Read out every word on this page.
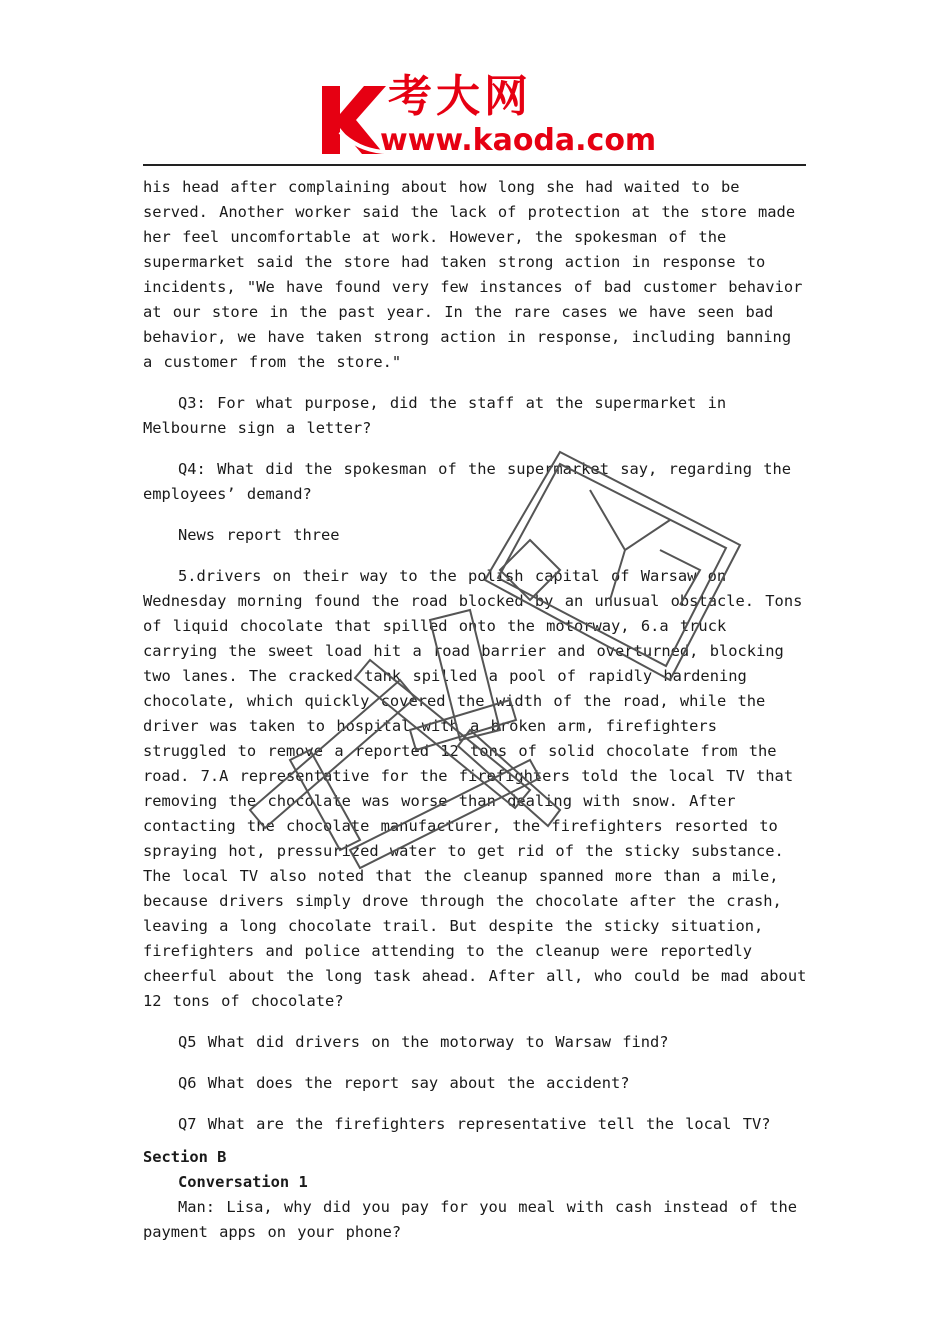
考大网
www.kaoda.com

his head after complaining about how long she had waited to be served. Another worker said the lack of protection at the store made her feel uncomfortable at work. However, the spokesman of the supermarket said the store had taken strong action in response to incidents, "We have found very few instances of bad customer behavior at our store in the past year. In the rare cases we have seen bad behavior, we have taken strong action in response, including banning a customer from the store."

Q3: For what purpose, did the staff at the supermarket in Melbourne sign a letter?

Q4: What did the spokesman of the supermarket say, regarding the employees’ demand?

News report three

5.drivers on their way to the polish capital of Warsaw on Wednesday morning found the road blocked by an unusual obstacle. Tons of liquid chocolate that spilled onto the motorway, 6.a truck carrying the sweet load hit a road barrier and overturned, blocking two lanes. The cracked tank spilled a pool of rapidly hardening chocolate, which quickly covered the width of the road, while the driver was taken to hospital with a broken arm, firefighters struggled to remove a reported 12 tons of solid chocolate from the road. 7.A representative for the firefighters told the local TV that removing the chocolate was worse than dealing with snow. After contacting the chocolate manufacturer, the firefighters resorted to spraying hot, pressurized water to get rid of the sticky substance. The local TV also noted that the cleanup spanned more than a mile, because drivers simply drove through the chocolate after the crash, leaving a long chocolate trail. But despite the sticky situation, firefighters and police attending to the cleanup were reportedly cheerful about the long task ahead. After all, who could be mad about 12 tons of chocolate?

Q5 What did drivers on the motorway to Warsaw find?

Q6 What does the report say about the accident?

Q7 What are the firefighters representative tell the local TV?

Section B
Conversation 1

Man: Lisa, why did you pay for you meal with cash instead of the payment apps on your phone?
